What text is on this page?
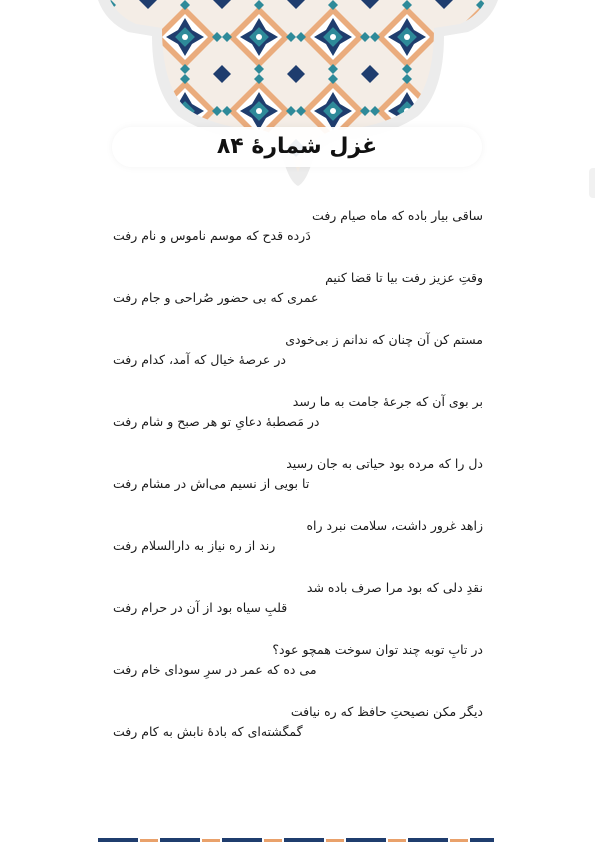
غزل شمارهٔ ۸۴
ساقی بیار باده که ماه صیام رفت
دَرده قدح که موسم ناموس و نام رفت
وقتِ عزیز رفت بیا تا قضا کنیم
عمری که بی حضور صُراحی و جام رفت
مستم کن آن چنان که ندانم ز بی‌خودی
در عرصهٔ خیال که آمد، کدام رفت
بر بوی آن که جرعهٔ جامت به ما رسد
در مَصطبهٔ دعایِ تو هر صبح و شام رفت
دل را که مرده بود حیاتی به جان رسید
تا بویی از نسیم می‌اش در مشام رفت
زاهد غرور داشت، سلامت نبرد راه
رند از ره نیاز به دارالسلام رفت
نقدِ دلی که بود مرا صرف باده شد
قلبِ سیاه بود از آن در حرام رفت
در تابِ توبه چند توان سوخت همچو عود؟
می ده که عمر در سرِ سودای خام رفت
دیگر مکن نصیحتِ حافظ که ره نیافت
گمگشته‌ای که بادهٔ نابش به کام رفت
